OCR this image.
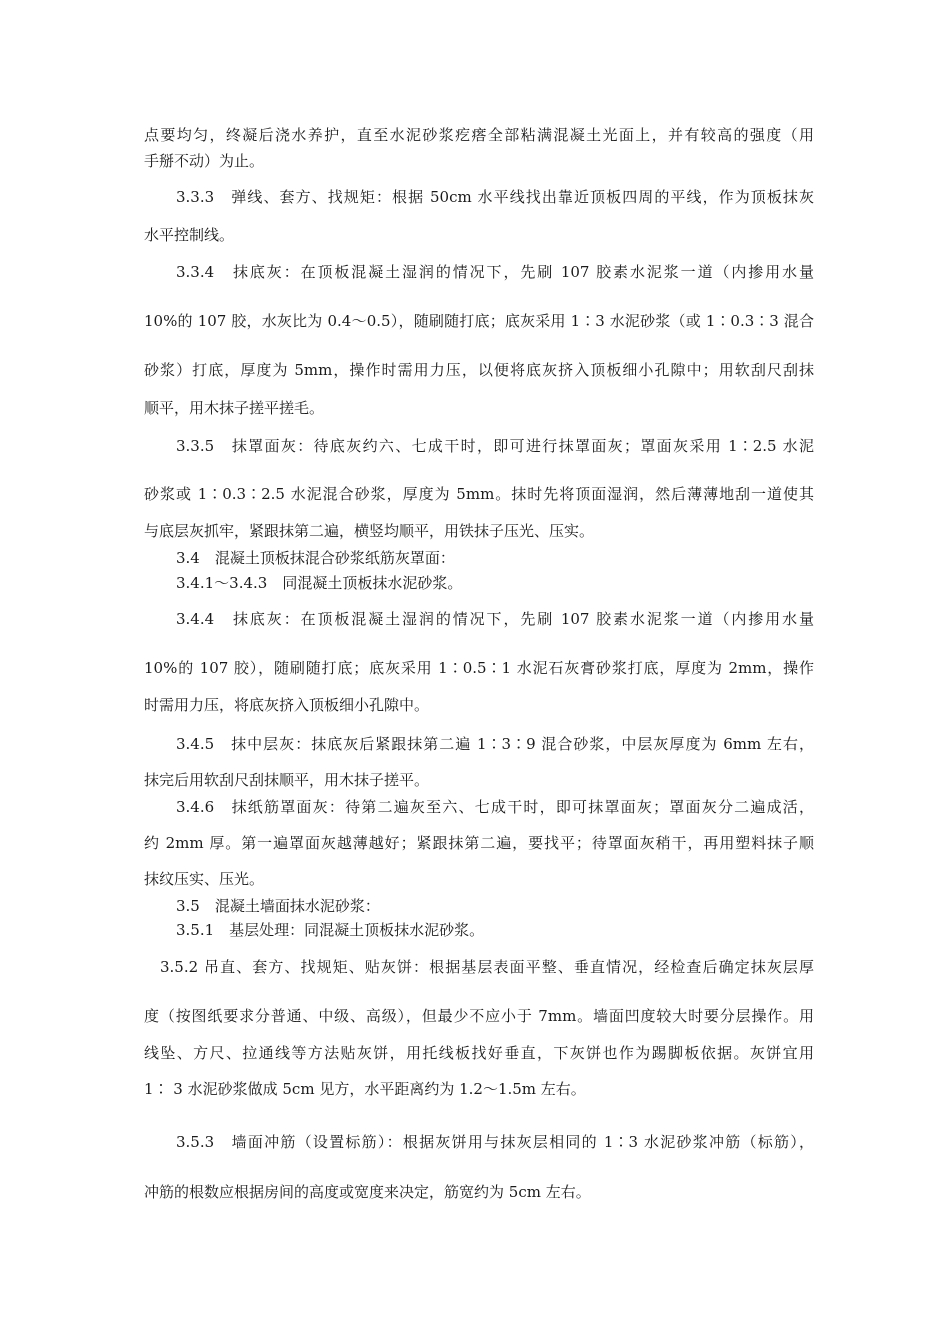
点要均匀，终凝后浇水养护，直至水泥砂浆疙瘩全部粘满混凝土光面上，并有较高的强度（用
手掰不动）为止。
3.3.3　弹线、套方、找规矩：根据 50cm 水平线找出靠近顶板四周的平线，作为顶板抹灰
水平控制线。
3.3.4　抹底灰：在顶板混凝土湿润的情况下，先刷 107 胶素水泥浆一道（内掺用水量
10%的 107 胶，水灰比为 0.4～0.5），随刷随打底；底灰采用 1∶3 水泥砂浆（或 1∶0.3∶3 混合
砂浆）打底，厚度为 5mm，操作时需用力压，以便将底灰挤入顶板细小孔隙中；用软刮尺刮抹
顺平，用木抹子搓平搓毛。
3.3.5　抹罩面灰：待底灰约六、七成干时，即可进行抹罩面灰；罩面灰采用 1∶2.5 水泥
砂浆或 1∶0.3∶2.5 水泥混合砂浆，厚度为 5mm。抹时先将顶面湿润，然后薄薄地刮一道使其
与底层灰抓牢，紧跟抹第二遍，横竖均顺平，用铁抹子压光、压实。
3.4　混凝土顶板抹混合砂浆纸筋灰罩面：
3.4.1～3.4.3　同混凝土顶板抹水泥砂浆。
3.4.4　抹底灰：在顶板混凝土湿润的情况下，先刷 107 胶素水泥浆一道（内掺用水量
10%的 107 胶），随刷随打底；底灰采用 1∶0.5∶1 水泥石灰膏砂浆打底，厚度为 2mm，操作
时需用力压，将底灰挤入顶板细小孔隙中。
3.4.5　抹中层灰：抹底灰后紧跟抹第二遍 1∶3∶9 混合砂浆，中层灰厚度为 6mm 左右，
抹完后用软刮尺刮抹顺平，用木抹子搓平。
3.4.6　抹纸筋罩面灰：待第二遍灰至六、七成干时，即可抹罩面灰；罩面灰分二遍成活，
约 2mm 厚。第一遍罩面灰越薄越好；紧跟抹第二遍，要找平；待罩面灰稍干，再用塑料抹子顺
抹纹压实、压光。
3.5　混凝土墙面抹水泥砂浆：
3.5.1　基层处理：同混凝土顶板抹水泥砂浆。
3.5.2 吊直、套方、找规矩、贴灰饼：根据基层表面平整、垂直情况，经检查后确定抹灰层厚
度（按图纸要求分普通、中级、高级），但最少不应小于 7mm。墙面凹度较大时要分层操作。用
线坠、方尺、拉通线等方法贴灰饼，用托线板找好垂直，下灰饼也作为踢脚板依据。灰饼宜用
1∶ 3 水泥砂浆做成 5cm 见方，水平距离约为 1.2～1.5m 左右。
3.5.3　墙面冲筋（设置标筋）：根据灰饼用与抹灰层相同的 1∶3 水泥砂浆冲筋（标筋），
冲筋的根数应根据房间的高度或宽度来决定，筋宽约为 5cm 左右。
